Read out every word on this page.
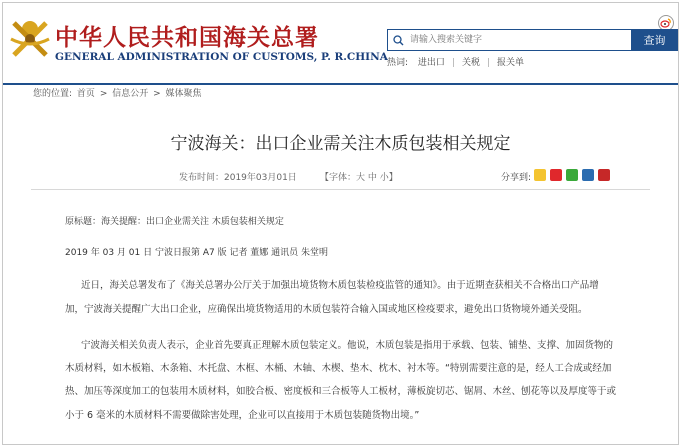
中华人民共和国海关总署
GENERAL ADMINISTRATION OF CUSTOMS, P. R.CHINA
请输入搜索关键字
查询
热词: 进出口 | 关税 | 报关单
您的位置: 首页 > 信息公开 > 媒体聚焦
宁波海关：出口企业需关注木质包装相关规定
发布时间：2019年03月01日	【字体：大 中 小】	分享到:
原标题：海关提醒：出口企业需关注 木质包装相关规定
2019 年 03 月 01 日 宁波日报第 A7 版 记者 董娜 通讯员 朱堂明
近日，海关总署发布了《海关总署办公厅关于加强出境货物木质包装检疫监管的通知》。由于近期查获相关不合格出口产品增
加，宁波海关提醒广大出口企业，应确保出境货物适用的木质包装符合输入国或地区检疫要求，避免出口货物境外通关受阻。
宁波海关相关负责人表示，企业首先要真正理解木质包装定义。他说，木质包装是指用于承载、包装、铺垫、支撑、加固货物的
木质材料，如木板箱、木条箱、木托盘、木框、木桶、木轴、木楔、垫木、枕木、衬木等。“特别需要注意的是，经人工合成或经加
热、加压等深度加工的包装用木质材料，如胶合板、密度板和三合板等人工板材，薄板旋切芯、锯屑、木丝、刨花等以及厚度等于或
小于 6 毫米的木质材料不需要做除害处理，企业可以直接用于木质包装随货物出境。”
